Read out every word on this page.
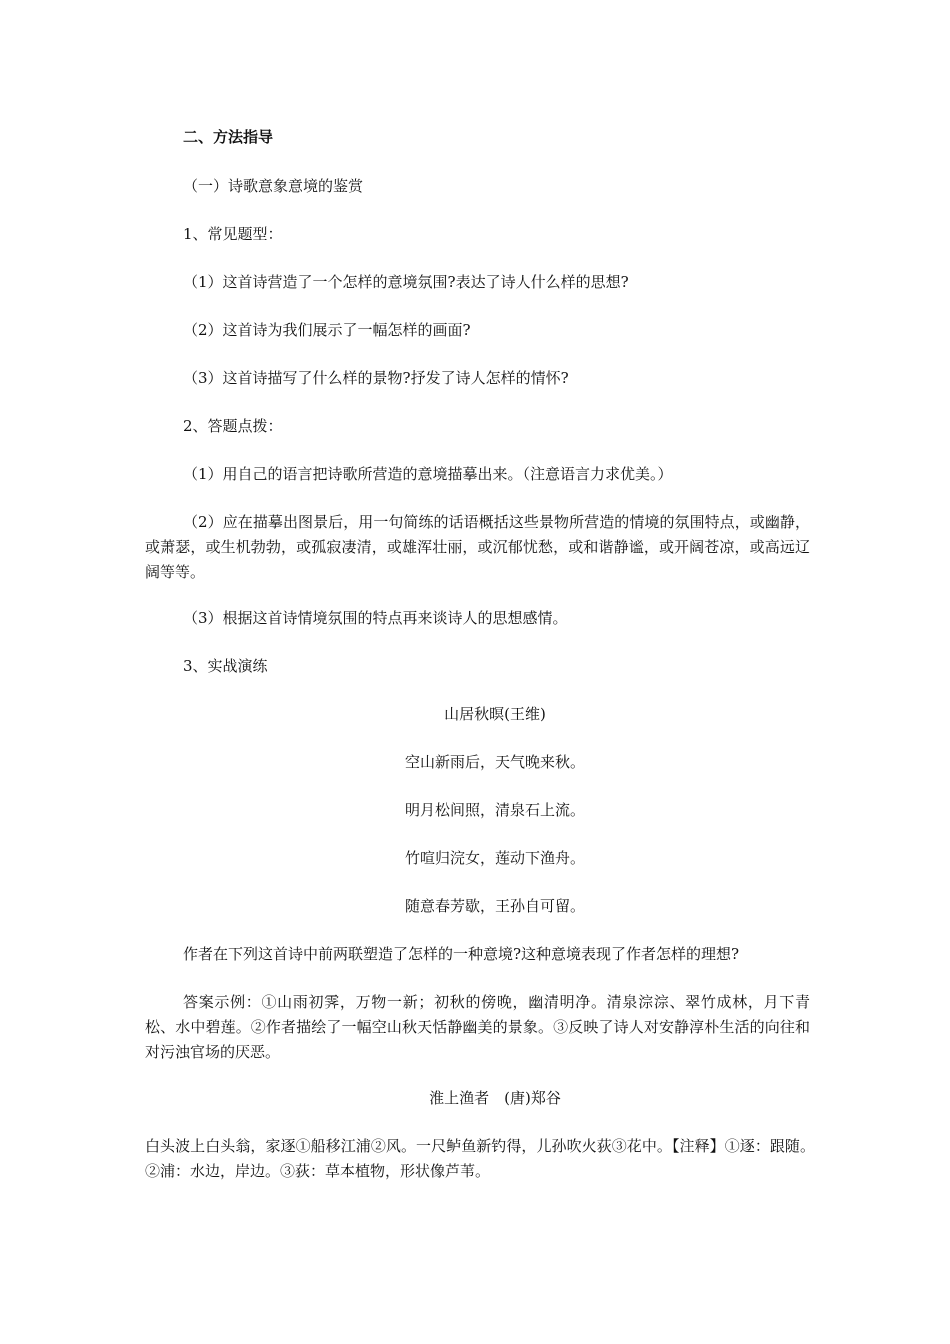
二、方法指导
（一）诗歌意象意境的鉴赏
1、常见题型：
（1）这首诗营造了一个怎样的意境氛围?表达了诗人什么样的思想?
（2）这首诗为我们展示了一幅怎样的画面?
（3）这首诗描写了什么样的景物?抒发了诗人怎样的情怀?
2、答题点拨：
（1）用自己的语言把诗歌所营造的意境描摹出来。（注意语言力求优美。）
（2）应在描摹出图景后，用一句简练的话语概括这些景物所营造的情境的氛围特点，或幽静，或萧瑟，或生机勃勃，或孤寂凄清，或雄浑壮丽，或沉郁忧愁，或和谐静谧，或开阔苍凉，或高远辽阔等等。
（3）根据这首诗情境氛围的特点再来谈诗人的思想感情。
3、实战演练
山居秋暝(王维)
空山新雨后，天气晚来秋。
明月松间照，清泉石上流。
竹喧归浣女，莲动下渔舟。
随意春芳歇，王孙自可留。
作者在下列这首诗中前两联塑造了怎样的一种意境?这种意境表现了作者怎样的理想?
答案示例：①山雨初霁，万物一新；初秋的傍晚，幽清明净。清泉淙淙、翠竹成林，月下青松、水中碧莲。②作者描绘了一幅空山秋天恬静幽美的景象。③反映了诗人对安静淳朴生活的向往和对污浊官场的厌恶。
淮上渔者　(唐)郑谷
白头波上白头翁，家逐①船移江浦②风。一尺鲈鱼新钓得，儿孙吹火荻③花中。【注释】①逐：跟随。②浦：水边，岸边。③荻：草本植物，形状像芦苇。
